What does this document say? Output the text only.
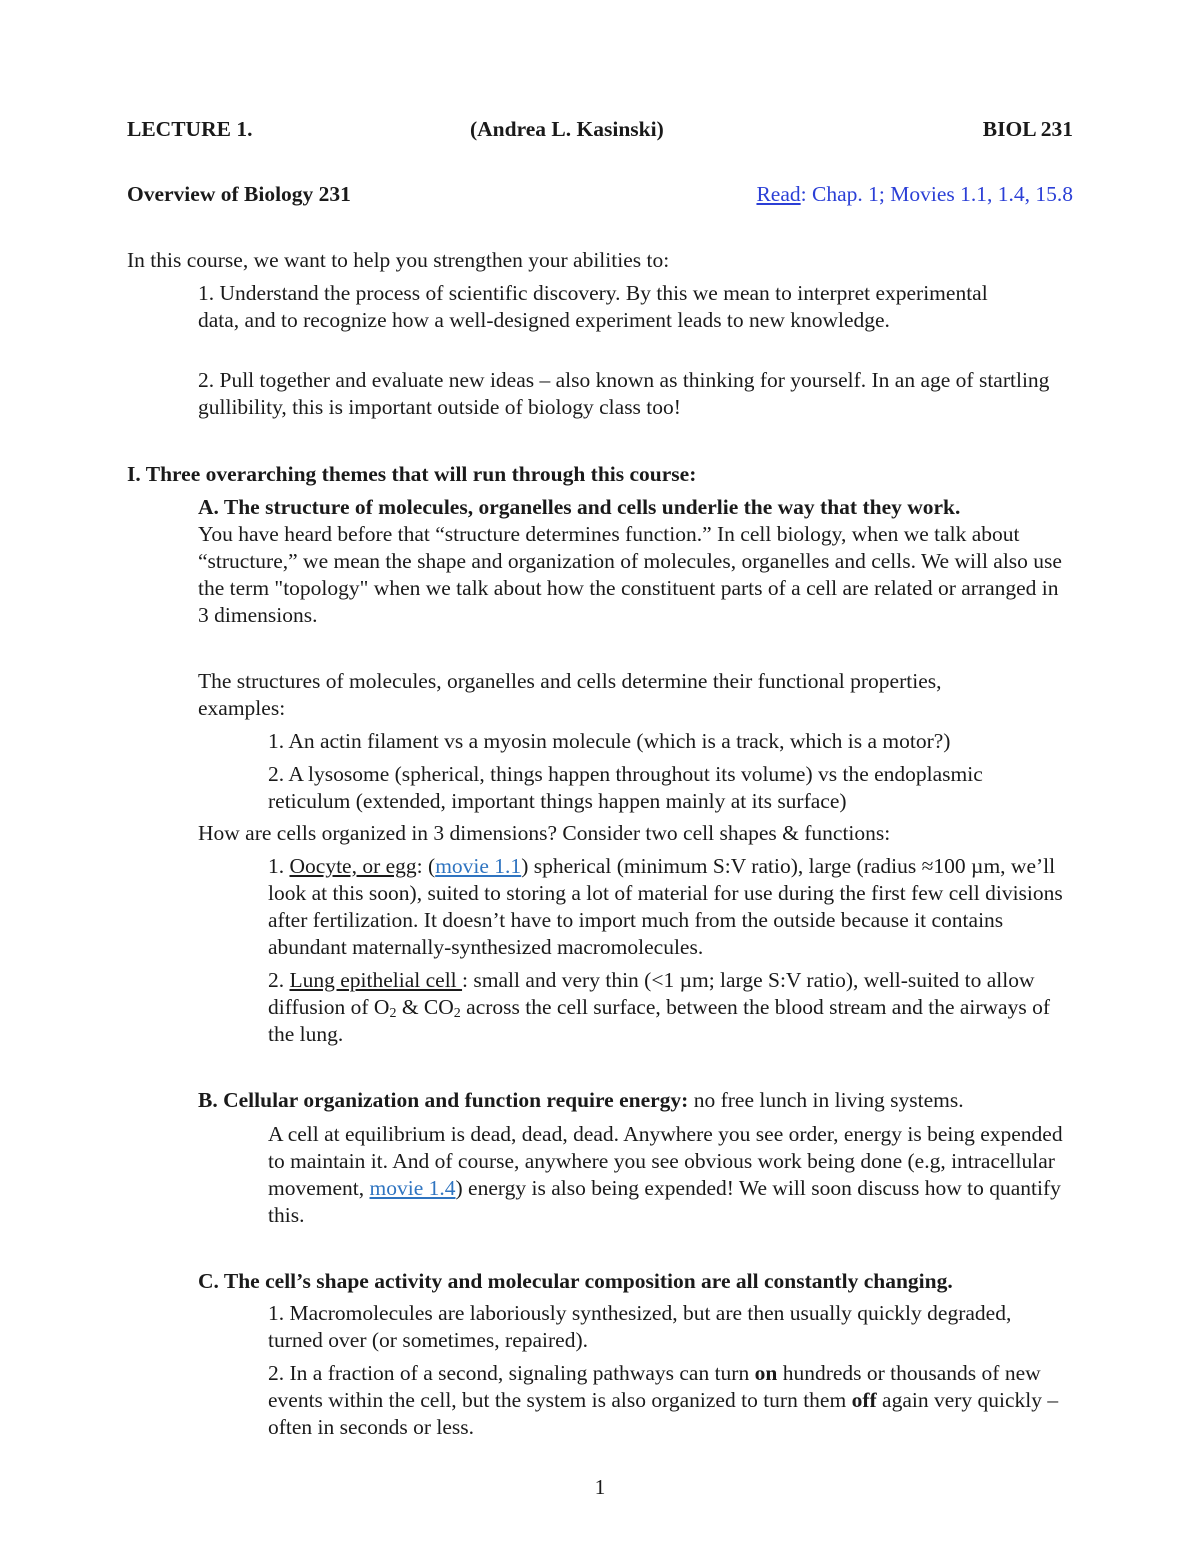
LECTURE 1.	(Andrea L. Kasinski)	BIOL 231
Overview of Biology 231	Read: Chap. 1; Movies 1.1, 1.4, 15.8

In this course, we want to help you strengthen your abilities to:

1. Understand the process of scientific discovery. By this we mean to interpret experimental data, and to recognize how a well-designed experiment leads to new knowledge.

2. Pull together and evaluate new ideas – also known as thinking for yourself. In an age of startling gullibility, this is important outside of biology class too!

I. Three overarching themes that will run through this course:

A. The structure of molecules, organelles and cells underlie the way that they work.

You have heard before that “structure determines function.” In cell biology, when we talk about “structure,” we mean the shape and organization of molecules, organelles and cells. We will also use the term "topology" when we talk about how the constituent parts of a cell are related or arranged in 3 dimensions.

The structures of molecules, organelles and cells determine their functional properties, examples:

1. An actin filament vs a myosin molecule (which is a track, which is a motor?)

2. A lysosome (spherical, things happen throughout its volume) vs the endoplasmic reticulum (extended, important things happen mainly at its surface)

How are cells organized in 3 dimensions? Consider two cell shapes & functions:

1. Oocyte, or egg: (movie 1.1) spherical (minimum S:V ratio), large (radius ≈100 µm, we’ll look at this soon), suited to storing a lot of material for use during the first few cell divisions after fertilization. It doesn’t have to import much from the outside because it contains abundant maternally-synthesized macromolecules.

2. Lung epithelial cell : small and very thin (<1 µm; large S:V ratio), well-suited to allow diffusion of $O_2$ & $CO_2$ across the cell surface, between the blood stream and the airways of the lung.

B. Cellular organization and function require energy: no free lunch in living systems.

A cell at equilibrium is dead, dead, dead. Anywhere you see order, energy is being expended to maintain it. And of course, anywhere you see obvious work being done (e.g, intracellular movement, movie 1.4) energy is also being expended! We will soon discuss how to quantify this.

C. The cell’s shape activity and molecular composition are all constantly changing.

1. Macromolecules are laboriously synthesized, but are then usually quickly degraded, turned over (or sometimes, repaired).

2. In a fraction of a second, signaling pathways can turn on hundreds or thousands of new events within the cell, but the system is also organized to turn them off again very quickly – often in seconds or less.

1
